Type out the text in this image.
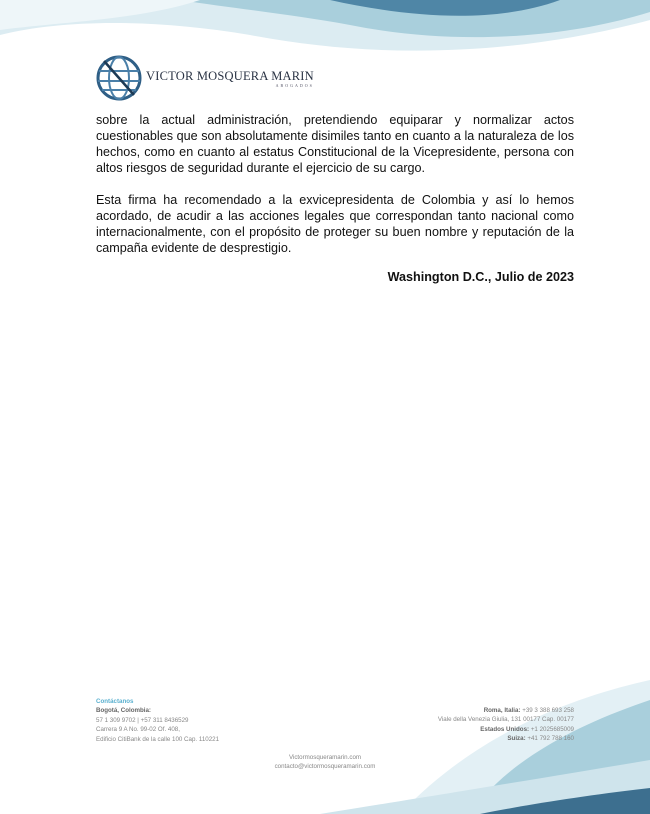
VICTOR MOSQUERA MARIN
ABOGADOS

sobre la actual administración, pretendiendo equiparar y normalizar actos cuestionables que son absolutamente disimiles tanto en cuanto a la naturaleza de los hechos, como en cuanto al estatus Constitucional de la Vicepresidente, persona con altos riesgos de seguridad durante el ejercicio de su cargo.

Esta firma ha recomendado a la exvicepresidenta de Colombia y así lo hemos acordado, de acudir a las acciones legales que correspondan tanto nacional como internacionalmente, con el propósito de proteger su buen nombre y reputación de la campaña evidente de desprestigio.

Washington D.C., Julio de 2023
Contáctanos
Bogotá, Colombia:
57 1 309 9702 | +57 311 8436529
Carrera 9 A No. 99-02 Of. 408,
Edificio CitiBank de la calle 100 Cap. 110221
Roma, Italia: +39 3 388 693 258
Viale della Venezia Giulia, 131 00177 Cap. 00177
Estados Unidos: +1 2025685009
Suiza: +41 792 788 160
Victormosqueramarin.com
contacto@victormosqueramarin.com
